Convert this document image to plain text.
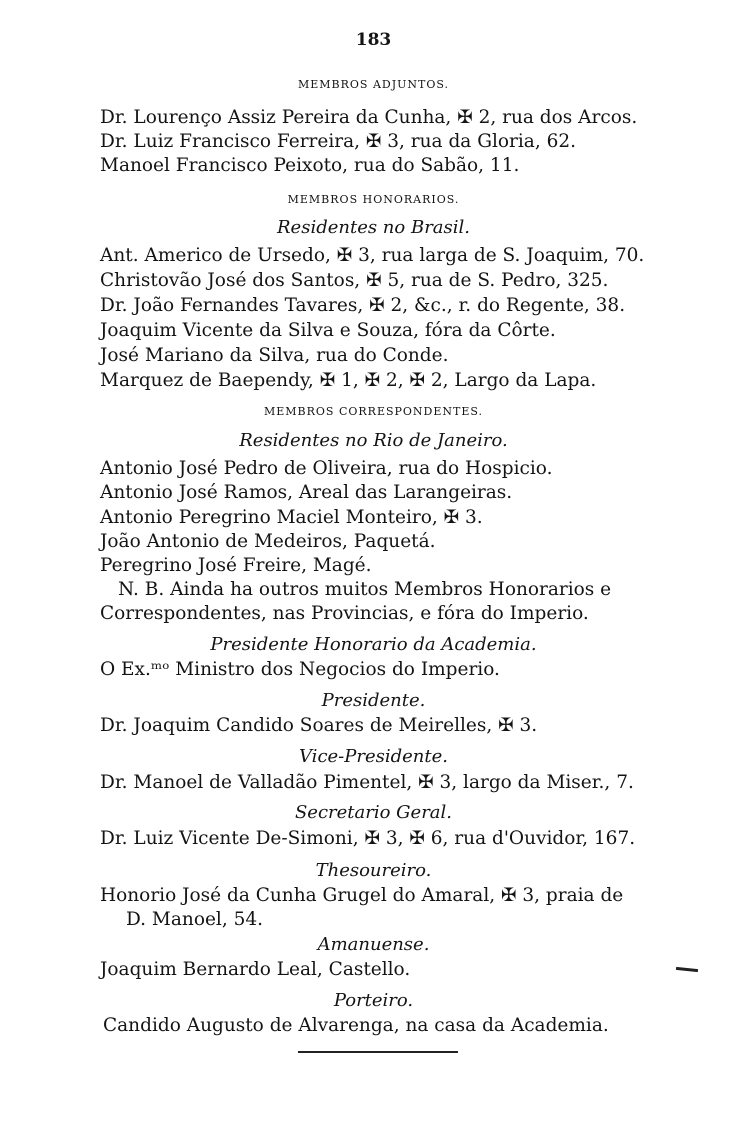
183
MEMBROS ADJUNTOS.
Dr. Lourenço Assiz Pereira da Cunha, ✠ 2, rua dos Arcos.
Dr. Luiz Francisco Ferreira, ✠ 3, rua da Gloria, 62.
Manoel Francisco Peixoto, rua do Sabão, 11.
MEMBROS HONORARIOS.
Residentes no Brasil.
Ant. Americo de Ursedo, ✠ 3, rua larga de S. Joaquim, 70.
Christovão José dos Santos, ✠ 5, rua de S. Pedro, 325.
Dr. João Fernandes Tavares, ✠ 2, &c., r. do Regente, 38.
Joaquim Vicente da Silva e Souza, fóra da Côrte.
José Mariano da Silva, rua do Conde.
Marquez de Baependy, ✠ 1, ✠ 2, ✠ 2, Largo da Lapa.
MEMBROS CORRESPONDENTES.
Residentes no Rio de Janeiro.
Antonio José Pedro de Oliveira, rua do Hospicio.
Antonio José Ramos, Areal das Larangeiras.
Antonio Peregrino Maciel Monteiro, ✠ 3.
João Antonio de Medeiros, Paquetá.
Peregrino José Freire, Magé.
N. B. Ainda ha outros muitos Membros Honorarios e
Correspondentes, nas Provincias, e fóra do Imperio.
Presidente Honorario da Academia.
O Ex.ᵐᵒ Ministro dos Negocios do Imperio.
Presidente.
Dr. Joaquim Candido Soares de Meirelles, ✠ 3.
Vice-Presidente.
Dr. Manoel de Valladão Pimentel, ✠ 3, largo da Miser., 7.
Secretario Geral.
Dr. Luiz Vicente De-Simoni, ✠ 3, ✠ 6, rua d'Ouvidor, 167.
Thesoureiro.
Honorio José da Cunha Grugel do Amaral, ✠ 3, praia de
D. Manoel, 54.
Amanuense.
Joaquim Bernardo Leal, Castello.
Porteiro.
Candido Augusto de Alvarenga, na casa da Academia.
